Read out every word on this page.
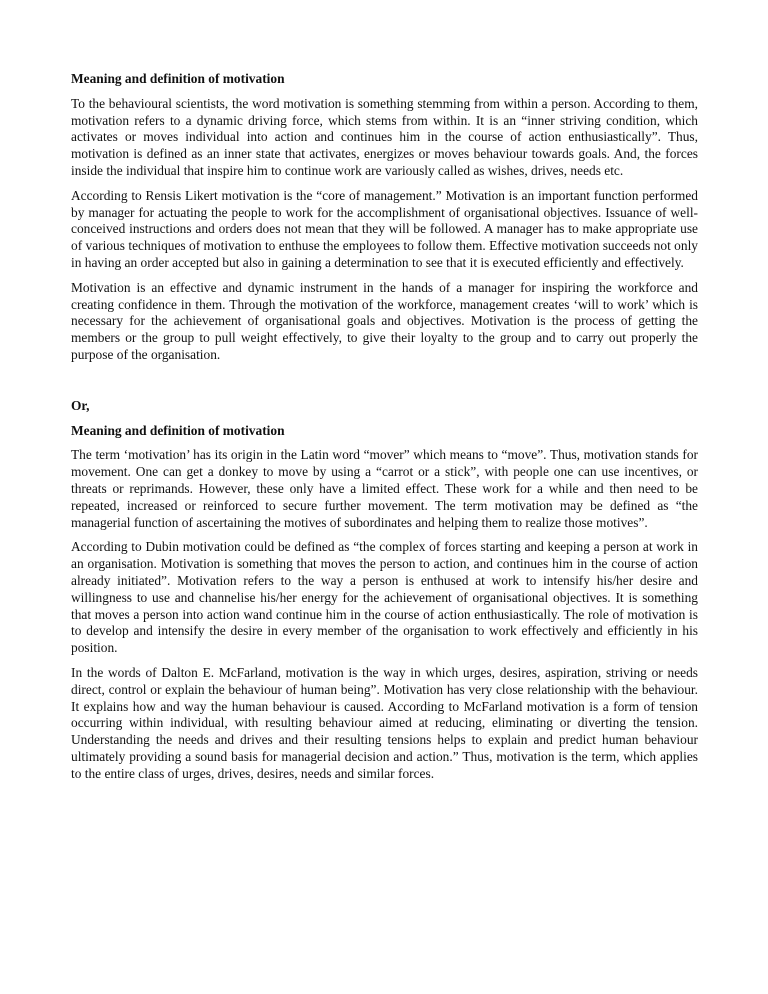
Meaning and definition of motivation

To the behavioural scientists, the word motivation is something stemming from within a person. According to them, motivation refers to a dynamic driving force, which stems from within. It is an “inner striving condition, which activates or moves individual into action and continues him in the course of action enthusiastically”. Thus, motivation is defined as an inner state that activates, energizes or moves behaviour towards goals. And, the forces inside the individual that inspire him to continue work are variously called as wishes, drives, needs etc.

According to Rensis Likert motivation is the “core of management.” Motivation is an important function performed by manager for actuating the people to work for the accomplishment of organisational objectives. Issuance of well-conceived instructions and orders does not mean that they will be followed. A manager has to make appropriate use of various techniques of motivation to enthuse the employees to follow them. Effective motivation succeeds not only in having an order accepted but also in gaining a determination to see that it is executed efficiently and effectively.

Motivation is an effective and dynamic instrument in the hands of a manager for inspiring the workforce and creating confidence in them. Through the motivation of the workforce, management creates ‘will to work’ which is necessary for the achievement of organisational goals and objectives. Motivation is the process of getting the members or the group to pull weight effectively, to give their loyalty to the group and to carry out properly the purpose of the organisation.

Or,
Meaning and definition of motivation

The term ‘motivation’ has its origin in the Latin word “mover” which means to “move”. Thus, motivation stands for movement. One can get a donkey to move by using a “carrot or a stick”, with people one can use incentives, or threats or reprimands. However, these only have a limited effect. These work for a while and then need to be repeated, increased or reinforced to secure further movement. The term motivation may be defined as “the managerial function of ascertaining the motives of subordinates and helping them to realize those motives”.

According to Dubin motivation could be defined as “the complex of forces starting and keeping a person at work in an organisation. Motivation is something that moves the person to action, and continues him in the course of action already initiated”. Motivation refers to the way a person is enthused at work to intensify his/her desire and willingness to use and channelise his/her energy for the achievement of organisational objectives. It is something that moves a person into action wand continue him in the course of action enthusiastically. The role of motivation is to develop and intensify the desire in every member of the organisation to work effectively and efficiently in his position.

In the words of Dalton E. McFarland, motivation is the way in which urges, desires, aspiration, striving or needs direct, control or explain the behaviour of human being”. Motivation has very close relationship with the behaviour. It explains how and way the human behaviour is caused. According to McFarland motivation is a form of tension occurring within individual, with resulting behaviour aimed at reducing, eliminating or diverting the tension. Understanding the needs and drives and their resulting tensions helps to explain and predict human behaviour ultimately providing a sound basis for managerial decision and action.” Thus, motivation is the term, which applies to the entire class of urges, drives, desires, needs and similar forces.
